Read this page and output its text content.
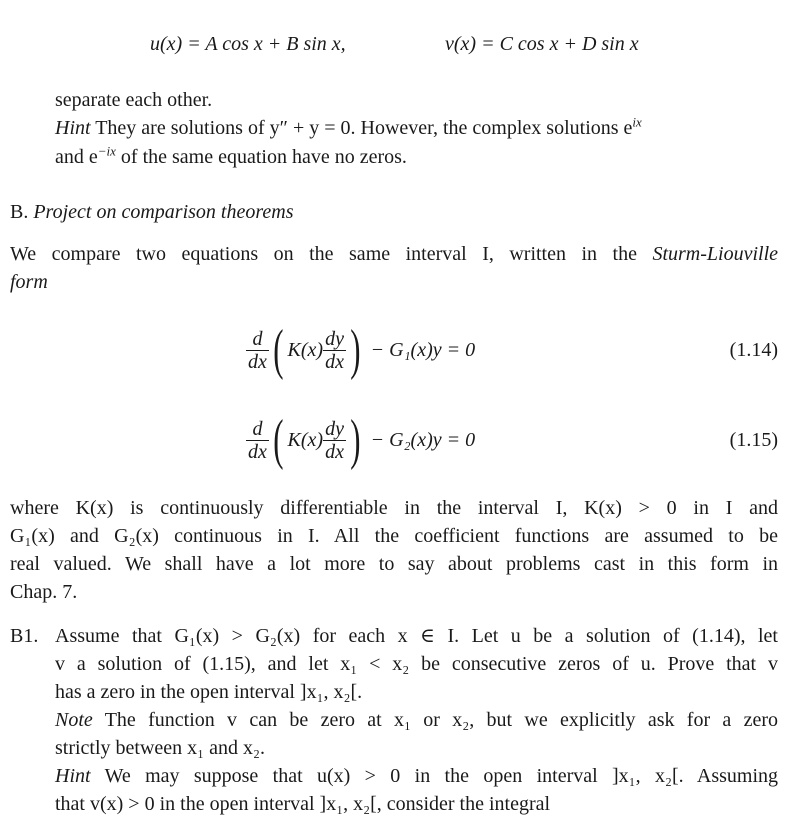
u(x) = A cos x + B sin x,	v(x) = C cos x + D sin x
separate each other.
Hint They are solutions of y″ + y = 0. However, the complex solutions $e^{ix}$
and $e^{-ix}$ of the same equation have no zeros.
B. Project on comparison theorems
We compare two equations on the same interval I, written in the Sturm-Liouville
form
$\frac{d}{dx}$ ( $K(x) \frac{dy}{dx}$ ) − G₁(x)y = 0	(1.14)
$\frac{d}{dx}$ ( $K(x) \frac{dy}{dx}$ ) − G₂(x)y = 0	(1.15)
where K(x) is continuously differentiable in the interval I, K(x) > 0 in I and
G₁(x) and G₂(x) continuous in I. All the coefficient functions are assumed to be
real valued. We shall have a lot more to say about problems cast in this form in
Chap. 7.
B1. Assume that G₁(x) > G₂(x) for each x ∈ I. Let u be a solution of (1.14), let
v a solution of (1.15), and let x₁ < x₂ be consecutive zeros of u. Prove that v
has a zero in the open interval ]x₁, x₂[.
Note The function v can be zero at x₁ or x₂, but we explicitly ask for a zero
strictly between x₁ and x₂.
Hint We may suppose that u(x) > 0 in the open interval ]x₁, x₂[. Assuming
that v(x) > 0 in the open interval ]x₁, x₂[, consider the integral
